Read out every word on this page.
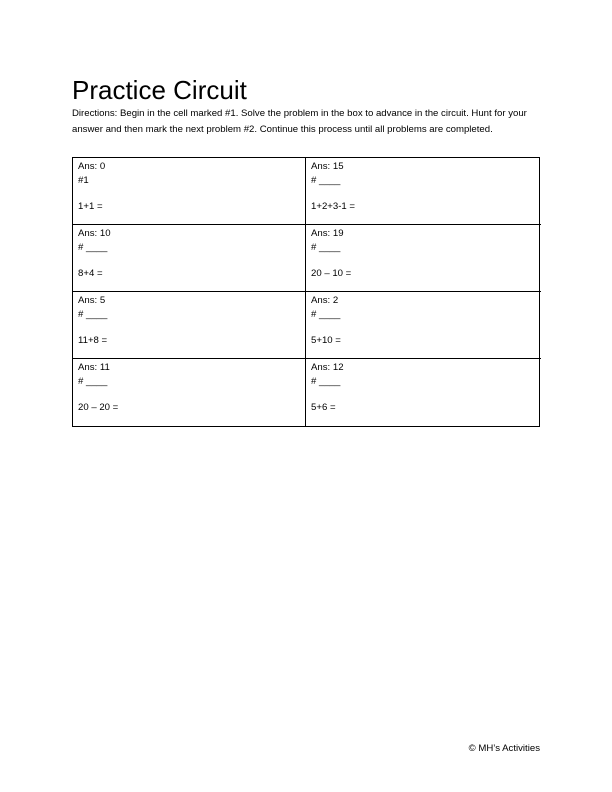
Practice Circuit

Directions: Begin in the cell marked #1. Solve the problem in the box to advance in the circuit. Hunt for your answer and then mark the next problem #2. Continue this process until all problems are completed.

Ans: 0
#1
1+1 =
Ans: 15
# ____
1+2+3-1 =
Ans: 10
# ____
8+4 =
Ans: 19
# ____
20 – 10 =
Ans: 5
# ____
11+8 =
Ans: 2
# ____
5+10 =
Ans: 11
# ____
20 – 20 =
Ans: 12
# ____
5+6 =
© MH’s Activities
